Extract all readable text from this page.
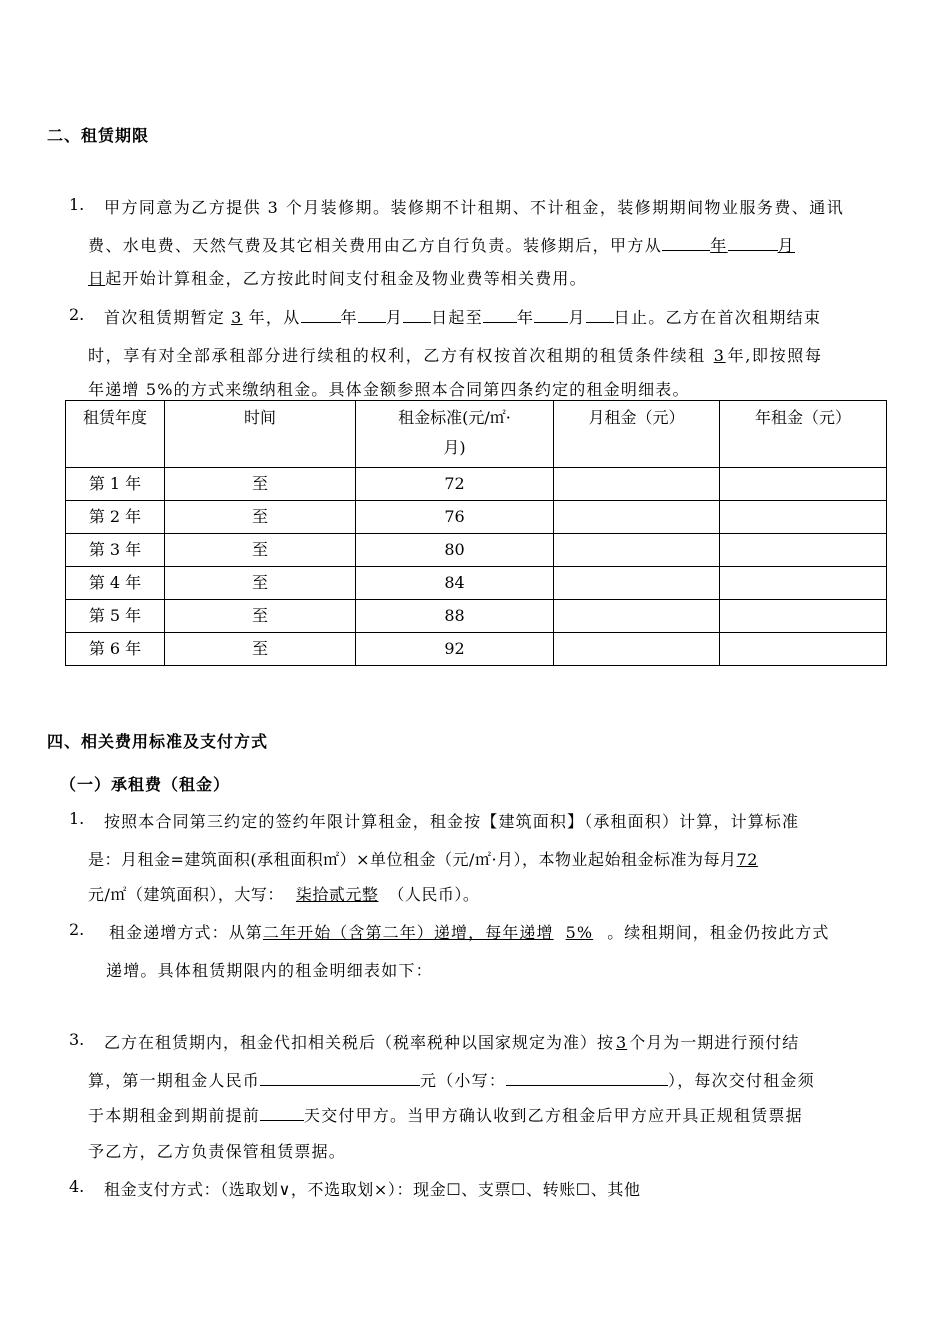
二、租赁期限
1. 甲方同意为乙方提供 3 个月装修期。装修期不计租期、不计租金，装修期期间物业服务费、通讯
费、水电费、天然气费及其它相关费用由乙方自行负责。装修期后，甲方从	年	月
日起开始计算租金，乙方按此时间支付租金及物业费等相关费用。
2. 首次租赁期暂定 3 年，从	年 月 日起至 年 月 日止。乙方在首次租期结束
时，享有对全部承租部分进行续租的权利，乙方有权按首次租期的租赁条件续租 3 年,即按照每
年递增 5%的方式来缴纳租金。具体金额参照本合同第四条约定的租金明细表。
租赁年度	时间	租金标准(元/㎡·
月)	月租金（元）	年租金（元）
第 1 年	至	72		
第 2 年	至	76		
第 3 年	至	80		
第 4 年	至	84		
第 5 年	至	88		
第 6 年	至	92		
四、相关费用标准及支付方式
（一）承租费（租金）
1. 按照本合同第三约定的签约年限计算租金，租金按【建筑面积】（承租面积）计算，计算标准
是：月租金=建筑面积(承租面积㎡）×单位租金（元/㎡·月），本物业起始租金标准为每月72
元/㎡（建筑面积），大写： 柒拾贰元整 （人民币）。
2. 租金递增方式：从第二年开始（含第二年）递增，每年递增 5% 。续租期间，租金仍按此方式
递增。具体租赁期限内的租金明细表如下：
3. 乙方在租赁期内，租金代扣相关税后（税率税种以国家规定为准）按 3 个月为一期进行预付结
算，第一期租金人民币	元（小写：	），每次交付租金须
于本期租金到期前提前	天交付甲方。当甲方确认收到乙方租金后甲方应开具正规租赁票据
予乙方，乙方负责保管租赁票据。
4. 租金支付方式：（选取划∨，不选取划×）：现金☐、支票☐、转账☐、其他
